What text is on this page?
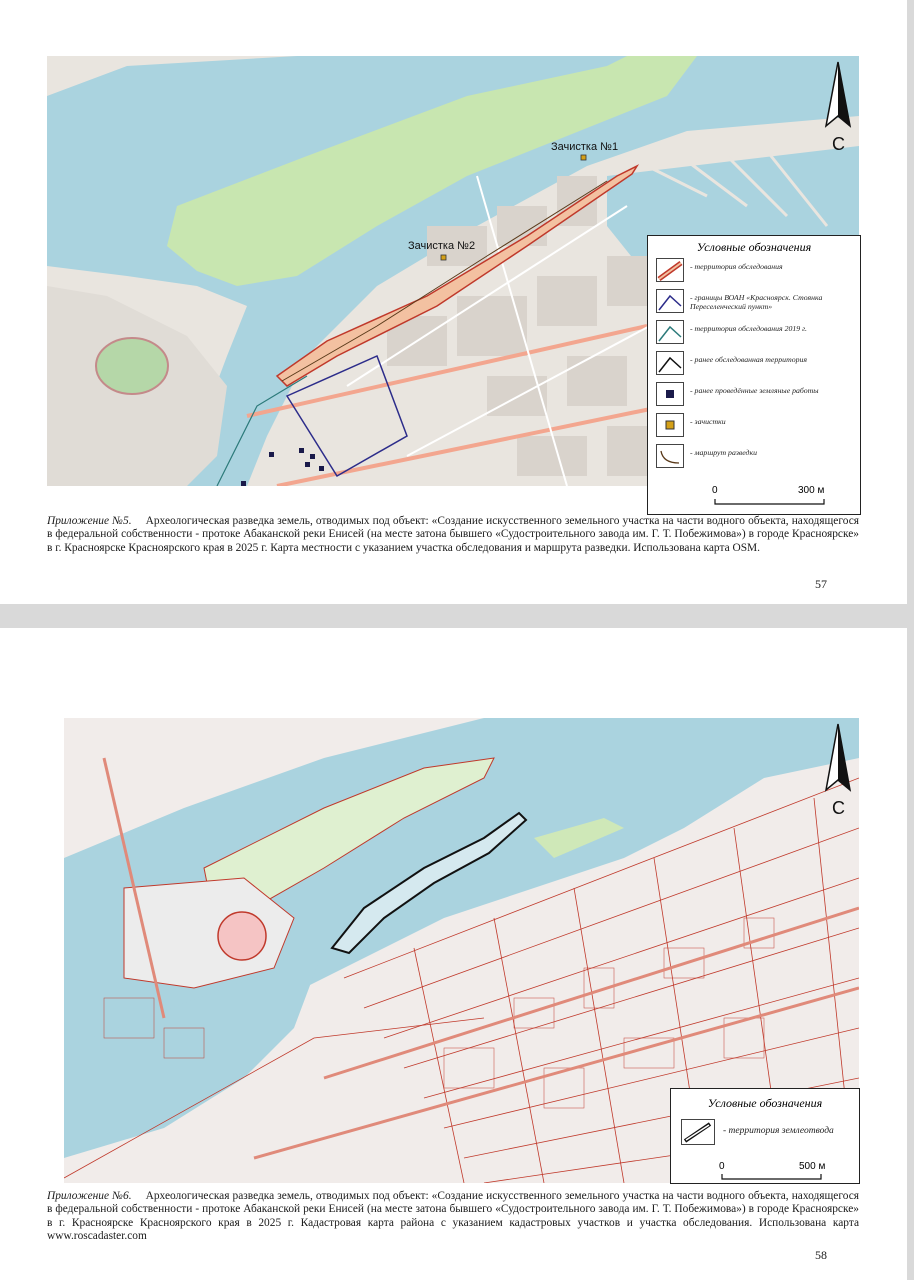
Зачистка №1
Зачистка №2
С
Условные обозначения
- территория обследования
- границы ВОАН «Красноярск. Стоянка Переселенческий пункт»
- территория обследования 2019 г.
- ранее обследованная территория
- ранее проведённые земляные работы
- зачистки
- маршрут разведки
0	300 м
Приложение №5. Археологическая разведка земель, отводимых под объект: «Создание искусственного земельного участка на части водного объекта, находящегося в федеральной собственности - протоке Абаканской реки Енисей (на месте затона бывшего «Судостроительного завода им. Г. Т. Побежимова») в городе Красноярске» в г. Красноярске Красноярского края в 2025 г. Карта местности с указанием участка обследования и маршрута разведки. Использована карта OSM.
57
С
Условные обозначения
- территория землеотвода
0	500 м
Приложение №6. Археологическая разведка земель, отводимых под объект: «Создание искусственного земельного участка на части водного объекта, находящегося в федеральной собственности - протоке Абаканской реки Енисей (на месте затона бывшего «Судостроительного завода им. Г. Т. Побежимова») в городе Красноярске» в г. Красноярске Красноярского края в 2025 г. Кадастровая карта района с указанием кадастровых участков и участка обследования. Использована карта www.roscadaster.com
58
